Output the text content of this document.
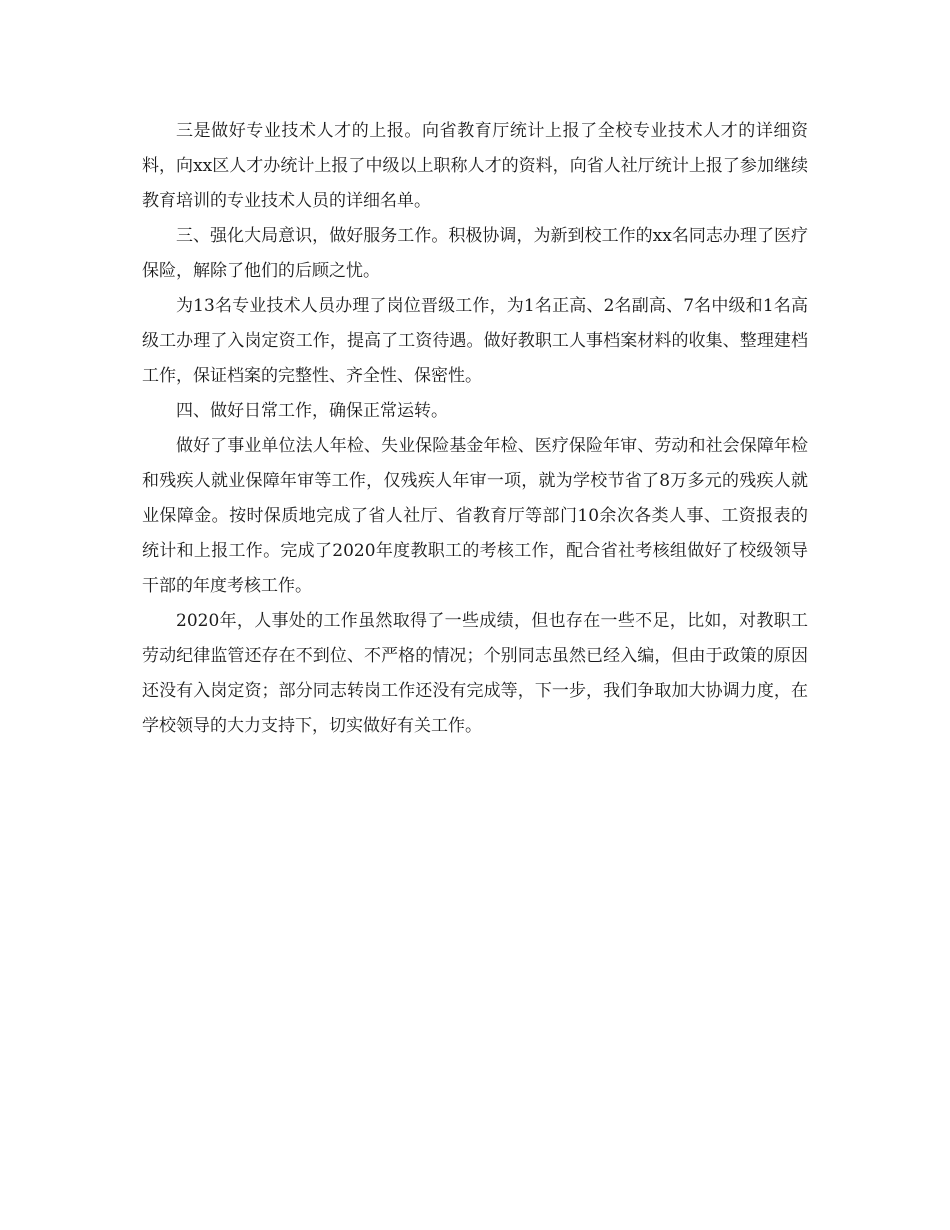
三是做好专业技术人才的上报。向省教育厅统计上报了全校专业技术人才的详细资料，向xx区人才办统计上报了中级以上职称人才的资料，向省人社厅统计上报了参加继续教育培训的专业技术人员的详细名单。

三、强化大局意识，做好服务工作。积极协调，为新到校工作的xx名同志办理了医疗保险，解除了他们的后顾之忧。

为13名专业技术人员办理了岗位晋级工作，为1名正高、2名副高、7名中级和1名高级工办理了入岗定资工作，提高了工资待遇。做好教职工人事档案材料的收集、整理建档工作，保证档案的完整性、齐全性、保密性。

四、做好日常工作，确保正常运转。

做好了事业单位法人年检、失业保险基金年检、医疗保险年审、劳动和社会保障年检和残疾人就业保障年审等工作，仅残疾人年审一项，就为学校节省了8万多元的残疾人就业保障金。按时保质地完成了省人社厅、省教育厅等部门10余次各类人事、工资报表的统计和上报工作。完成了2020年度教职工的考核工作，配合省社考核组做好了校级领导干部的年度考核工作。

2020年，人事处的工作虽然取得了一些成绩，但也存在一些不足，比如，对教职工劳动纪律监管还存在不到位、不严格的情况；个别同志虽然已经入编，但由于政策的原因还没有入岗定资；部分同志转岗工作还没有完成等，下一步，我们争取加大协调力度，在学校领导的大力支持下，切实做好有关工作。
